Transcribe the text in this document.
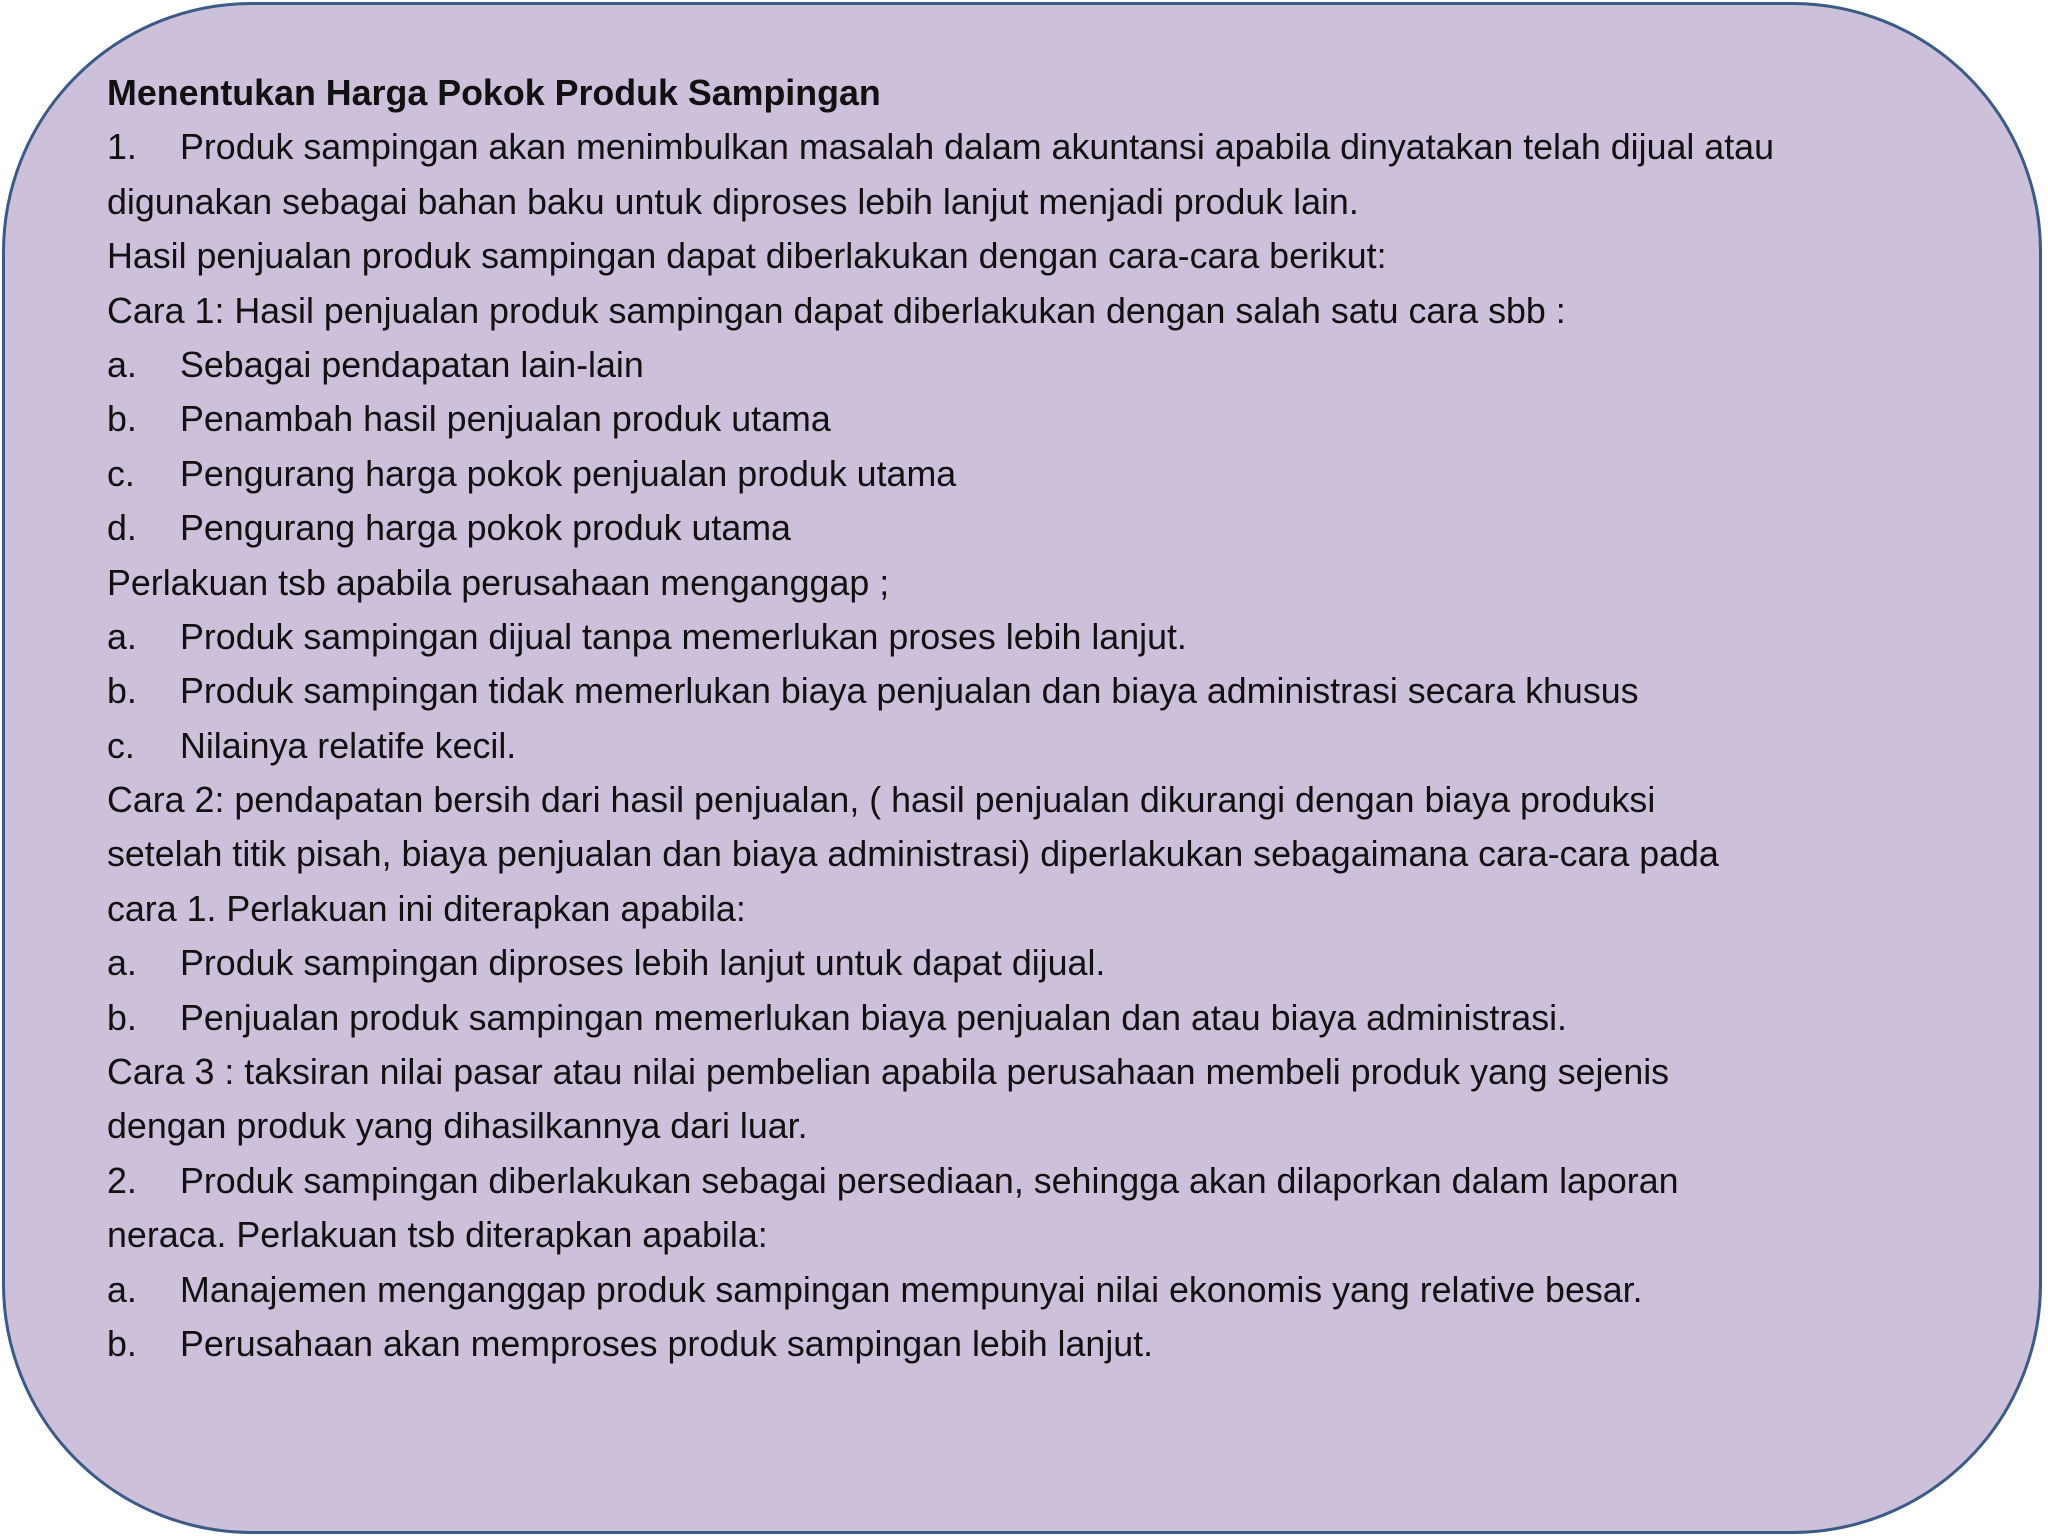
Menentukan Harga Pokok Produk Sampingan
1. Produk sampingan akan menimbulkan masalah dalam akuntansi apabila dinyatakan telah dijual atau
digunakan sebagai bahan baku untuk diproses lebih lanjut menjadi produk lain.
Hasil penjualan produk sampingan dapat diberlakukan dengan cara-cara berikut:
Cara 1: Hasil penjualan produk sampingan dapat diberlakukan dengan salah satu cara sbb :
a. Sebagai pendapatan lain-lain
b. Penambah hasil penjualan produk utama
c. Pengurang harga pokok penjualan produk utama
d. Pengurang harga pokok produk utama
Perlakuan tsb apabila perusahaan menganggap ;
a. Produk sampingan dijual tanpa memerlukan proses lebih lanjut.
b. Produk sampingan tidak memerlukan biaya penjualan dan biaya administrasi secara khusus
c. Nilainya relatife kecil.
Cara 2: pendapatan bersih dari hasil penjualan, ( hasil penjualan dikurangi dengan biaya produksi
setelah titik pisah, biaya penjualan dan biaya administrasi) diperlakukan sebagaimana cara-cara pada
cara 1. Perlakuan ini diterapkan apabila:
a. Produk sampingan diproses lebih lanjut untuk dapat dijual.
b. Penjualan produk sampingan memerlukan biaya penjualan dan atau biaya administrasi.
Cara 3 : taksiran nilai pasar atau nilai pembelian apabila perusahaan membeli produk yang sejenis
dengan produk yang dihasilkannya dari luar.
2. Produk sampingan diberlakukan sebagai persediaan, sehingga akan dilaporkan dalam laporan
neraca. Perlakuan tsb diterapkan apabila:
a. Manajemen menganggap produk sampingan mempunyai nilai ekonomis yang relative besar.
b. Perusahaan akan memproses produk sampingan lebih lanjut.
